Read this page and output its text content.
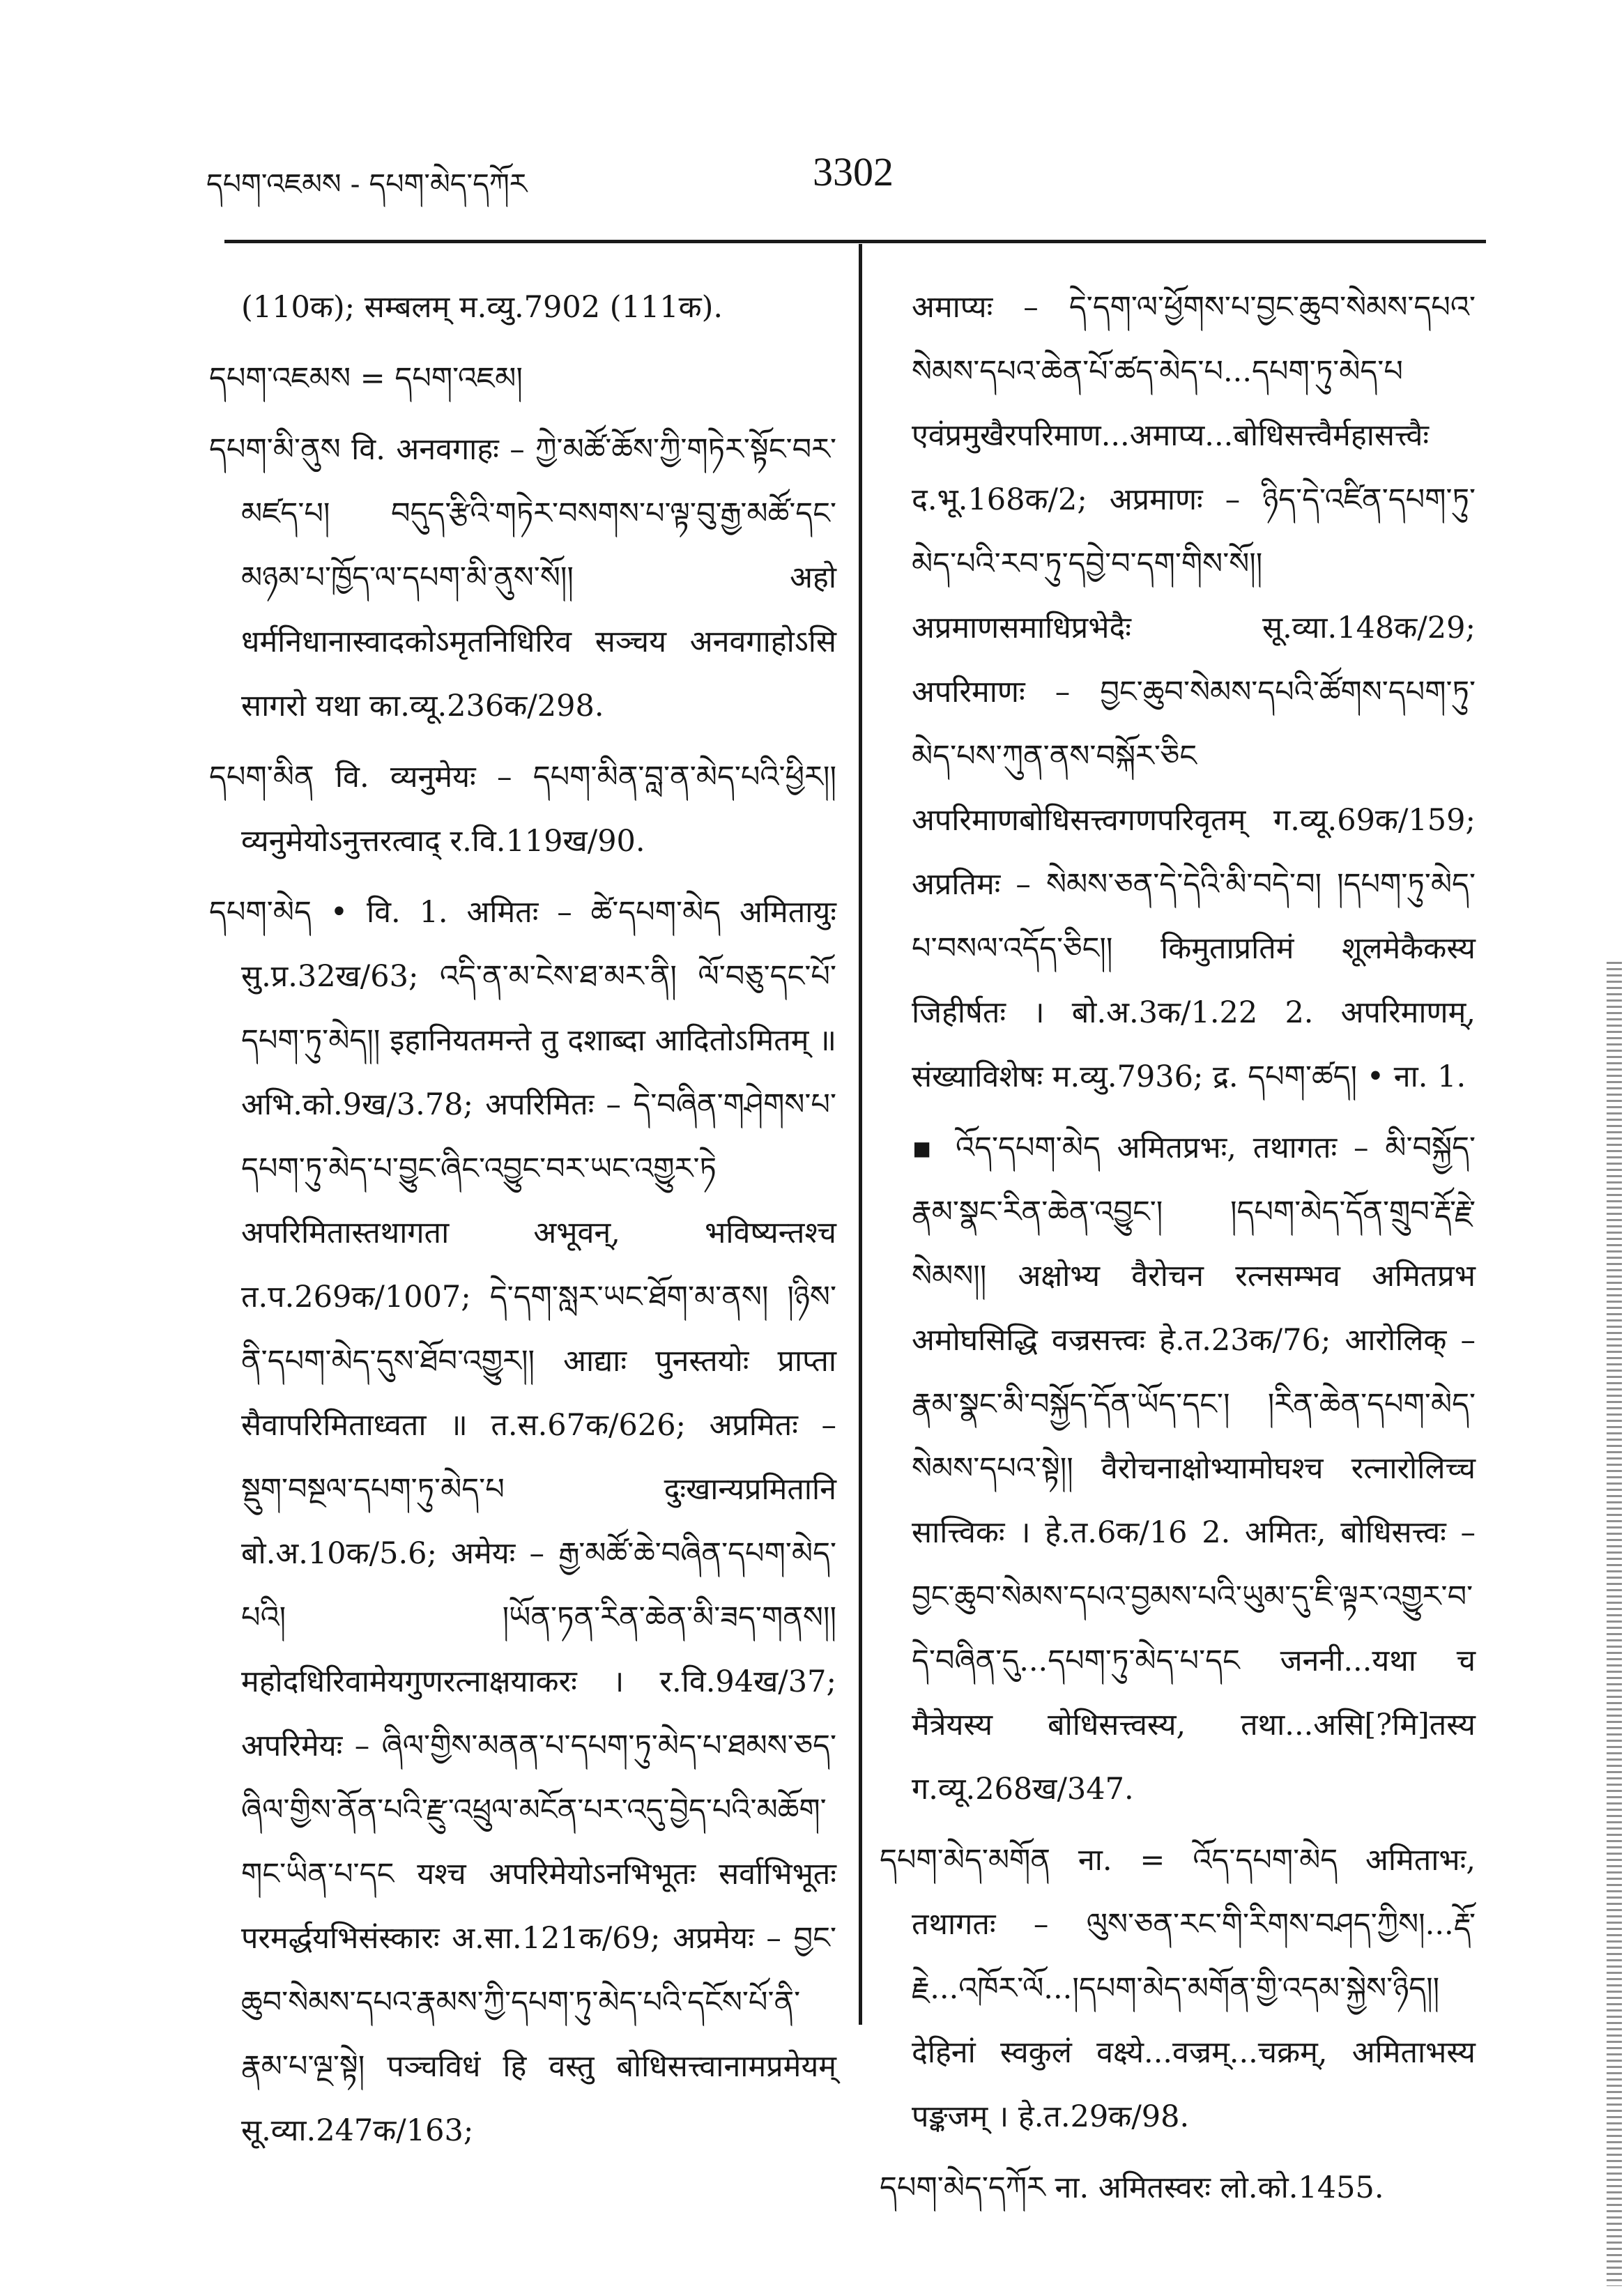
དཔག་འཇམས - དཔག་མེད་དཀོར	3302

(110क); सम्बलम् म.व्यु.7902 (111क).

དཔག་འཇམས = དཔག་འཇམ།

དཔག་མི་ནུས वि. अनवगाहः – ཀྱེ་མཚོ་ཆོས་ཀྱི་གཏེར་སྟོང་བར་མཛད་པ། བདུད་རྩིའི་གཏེར་བསགས་པ་ལྟ་བུ་རྒྱ་མཚོ་དང་མཉམ་པ་ཁྱོད་ལ་དཔག་མི་ནུས་སོ།། अहो धर्मनिधानास्वादकोऽमृतनिधिरिव सञ्चय अनवगाहोऽसि सागरो यथा का.व्यू.236क/298.

དཔག་མིན वि. व्यनुमेयः – དཔག་མིན་བླ་ན་མེད་པའི་ཕྱིར།། व्यनुमेयोऽनुत्तरत्वाद् र.वि.119ख/90.

དཔག་མེད • वि. 1. अमितः – ཚེ་དཔག་མེད अमितायुः सु.प्र.32ख/63; འདི་ན་མ་ངེས་ཐ་མར་ནི། ལོ་བཅུ་དང་པོ་དཔག་ཏུ་མེད།། इहानियतमन्ते तु दशाब्दा आदितोऽमितम् ॥ अभि.को.9ख/3.78; अपरिमितः – དེ་བཞིན་གཤེགས་པ་དཔག་ཏུ་མེད་པ་བྱུང་ཞིང་འབྱུང་བར་ཡང་འགྱུར་ཏེ अपरिमितास्तथागता अभूवन्, भविष्यन्तश्च त.प.269क/1007; དེ་དག་སླར་ཡང་ཐོག་མ་ནས། །ཉིས་ནི་དཔག་མེད་དུས་ཐོབ་འགྱུར།། आद्याः पुनस्तयोः प्राप्ता सैवापरिमिताध्वता ॥ त.स.67क/626; अप्रमितः – སྡུག་བསྔལ་དཔག་ཏུ་མེད་པ दुःखान्यप्रमितानि बो.अ.10क/5.6; अमेयः – རྒྱ་མཚོ་ཆེ་བཞིན་དཔག་མེད་པའི། །ཡོན་ཏན་རིན་ཆེན་མི་ཟད་གནས།། महोदधिरिवामेयगुणरत्नाक्षयाकरः । र.वि.94ख/37; अपरिमेयः – ཞིལ་གྱིས་མནན་པ་དཔག་ཏུ་མེད་པ་ཐམས་ཅད་ཞིལ་གྱིས་ནོན་པའི་རྫུ་འཕྲུལ་མངོན་པར་འདུ་བྱེད་པའི་མཆོག་གང་ཡིན་པ་དང यश्च अपरिमेयोऽनभिभूतः सर्वाभिभूतः परमर्द्धयभिसंस्कारः अ.सा.121क/69; अप्रमेयः – བྱང་ཆུབ་སེམས་དཔའ་རྣམས་ཀྱི་དཔག་ཏུ་མེད་པའི་དངོས་པོ་ནི་རྣམ་པ་ལྔ་སྟེ། पञ्चविधं हि वस्तु बोधिसत्त्वानामप्रमेयम् सू.व्या.247क/163;

अमाप्यः – དེ་དག་ལ་ཕྱོགས་པ་བྱང་ཆུབ་སེམས་དཔའ་སེམས་དཔའ་ཆེན་པོ་ཚད་མེད་པ...དཔག་ཏུ་མེད་པ एवंप्रमुखैरपरिमाण...अमाप्य...बोधिसत्त्वैर्महासत्त्वैः द.भू.168क/2; अप्रमाणः – ཉིད་དེ་འཛིན་དཔག་ཏུ་མེད་པའི་རབ་ཏུ་དབྱེ་བ་དག་གིས་སོ།། अप्रमाणसमाधिप्रभेदैः सू.व्या.148क/29; अपरिमाणः – བྱང་ཆུབ་སེམས་དཔའི་ཚོགས་དཔག་ཏུ་མེད་པས་ཀུན་ནས་བསྐོར་ཅིང अपरिमाणबोधिसत्त्वगणपरिवृतम् ग.व्यू.69क/159; अप्रतिमः – སེམས་ཅན་དེ་དེའི་མི་བདེ་བ། །དཔག་ཏུ་མེད་པ་བསལ་འདོད་ཅིང།། किमुताप्रतिमं शूलमेकैकस्य जिहीर्षतः । बो.अ.3क/1.22 2. अपरिमाणम्, संख्याविशेषः म.व्यु.7936; द्र. དཔག་ཚད། • ना. 1.

▪ འོད་དཔག་མེད अमितप्रभः, तथागतः – མི་བསྐྱོད་རྣམ་སྣང་རིན་ཆེན་འབྱུང་། །དཔག་མེད་དོན་གྲུབ་རྡོ་རྗེ་སེམས།། अक्षोभ्य वैरोचन रत्नसम्भव अमितप्रभ अमोघसिद्धि वज्रसत्त्वः हे.त.23क/76; आरोलिक् – རྣམ་སྣང་མི་བསྐྱོད་དོན་ཡོད་དང་། །རིན་ཆེན་དཔག་མེད་སེམས་དཔའ་སྟེ།། वैरोचनाक्षोभ्यामोघश्च रत्नारोलिच्च सात्त्विकः । हे.त.6क/16 2. अमितः, बोधिसत्त्वः – བྱང་ཆུབ་སེམས་དཔའ་བྱམས་པའི་ཡུམ་དུ་ཇི་ལྟར་འགྱུར་བ་དེ་བཞིན་དུ...དཔག་ཏུ་མེད་པ་དང जननी...यथा च मैत्रेयस्य बोधिसत्त्वस्य, तथा...असि[?मि]तस्य ग.व्यू.268ख/347.

དཔག་མེད་མགོན ना. = འོད་དཔག་མེད अमिताभः, तथागतः – ལུས་ཅན་རང་གི་རིགས་བཤད་ཀྱིས།...རྡོ་རྗེ...འཁོར་ལོ...།དཔག་མེད་མགོན་གྱི་འདམ་སྐྱེས་ཉིད།། देहिनां स्वकुलं वक्ष्ये...वज्रम्...चक्रम्, अमिताभस्य पङ्कजम् । हे.त.29क/98.

དཔག་མེད་དཀོར ना. अमितस्वरः लो.को.1455.
